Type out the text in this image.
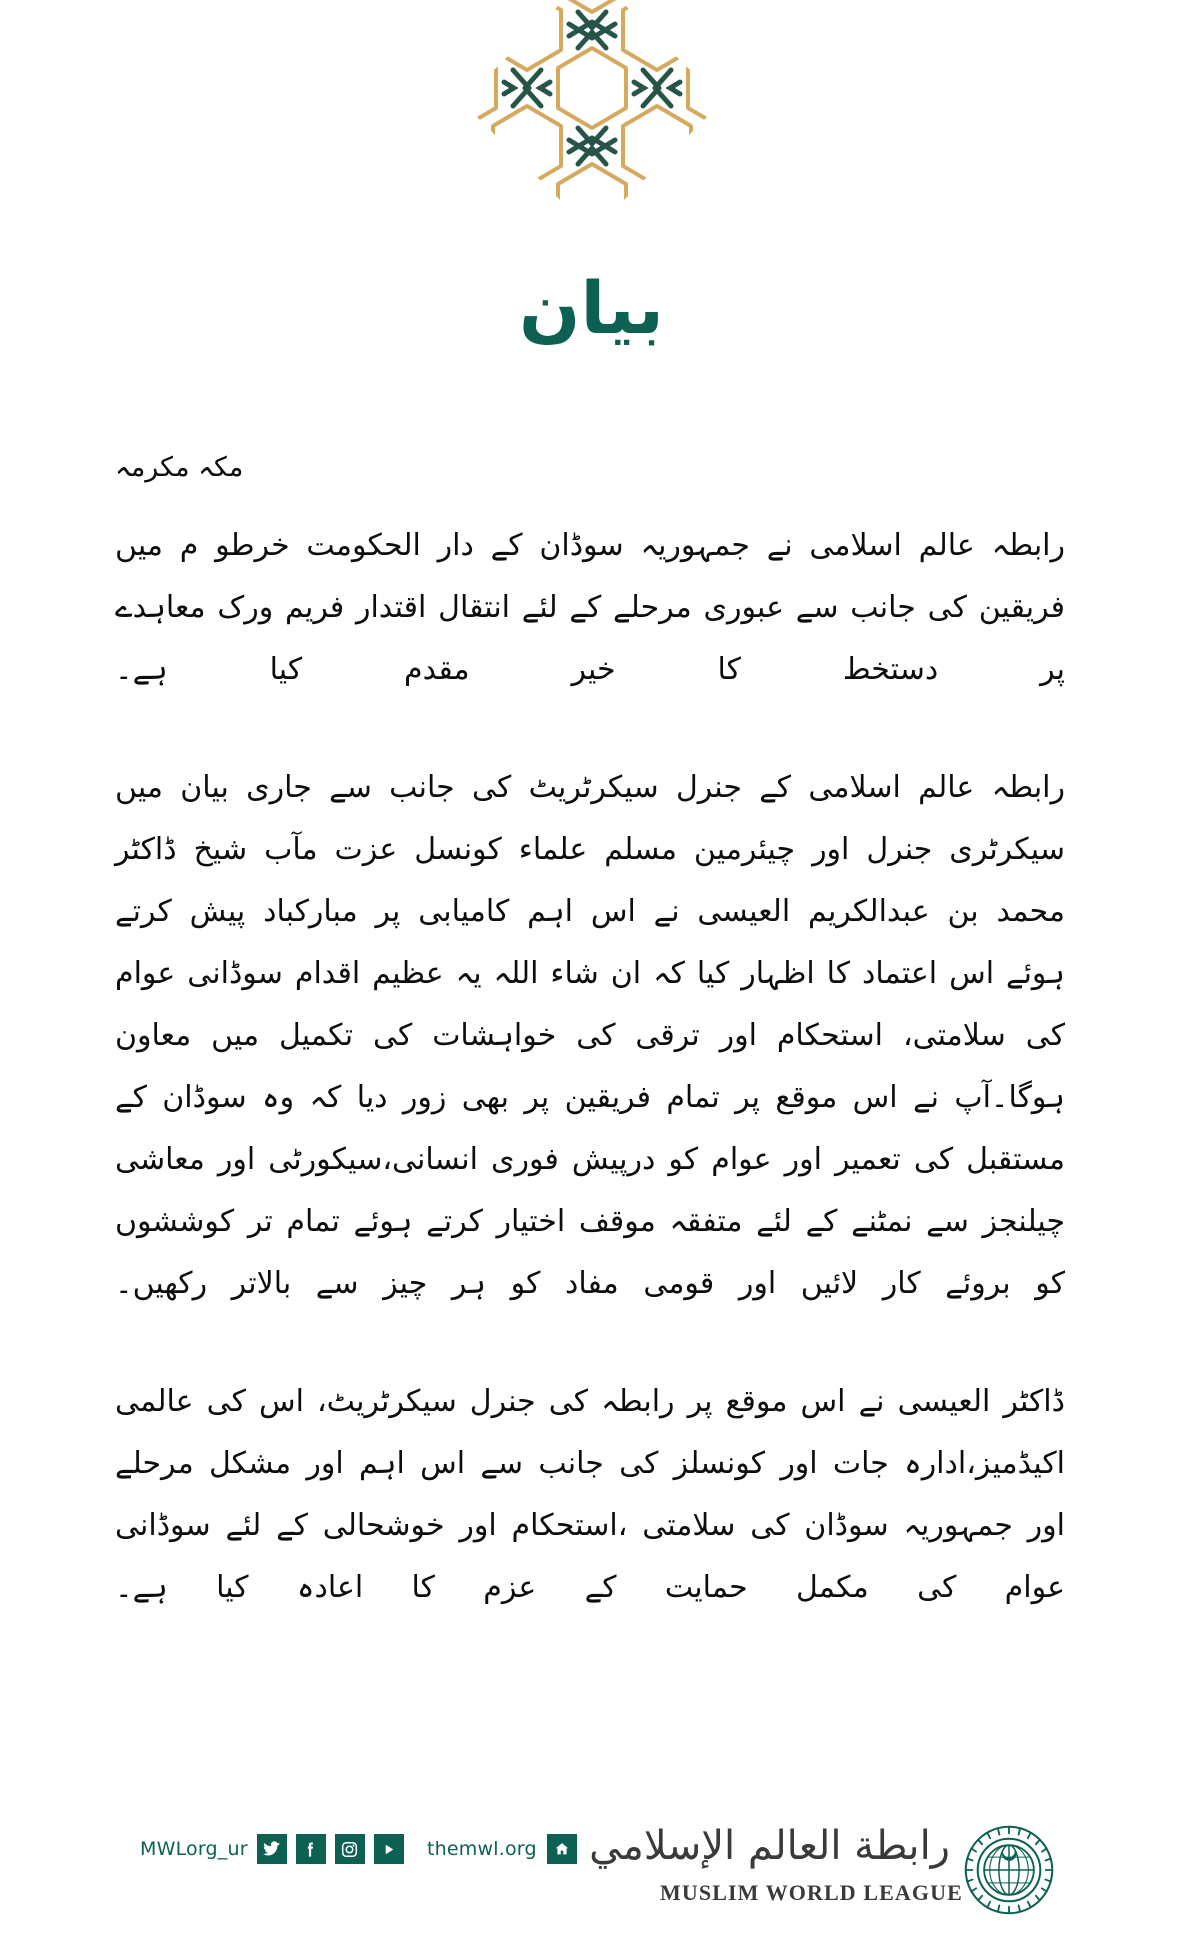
بيان

مکہ مکرمہ

رابطہ عالم اسلامی نے جمہوریہ سوڈان کے دار الحکومت خرطو م میں فریقین کی جانب سے عبوری مرحلے کے لئے انتقال اقتدار فریم ورک معاہدے پر دستخط کا خیر مقدم کیا ہے۔

رابطہ عالم اسلامی کے جنرل سیکرٹریٹ کی جانب سے جاری بیان میں سیکرٹری جنرل اور چیئرمین مسلم علماء کونسل عزت مآب شیخ ڈاکٹر محمد بن عبدالکریم العیسی نے اس اہم کامیابی پر مبارکباد پیش کرتے ہوئے اس اعتماد کا اظہار کیا کہ ان شاء اللہ یہ عظیم اقدام سوڈانی عوام کی سلامتی، استحکام اور ترقی کی خواہشات کی تکمیل میں معاون ہوگا۔آپ نے اس موقع پر تمام فریقین پر بھی زور دیا کہ وہ سوڈان کے مستقبل کی تعمیر اور عوام کو درپیش فوری انسانی،سیکورٹی اور معاشی چیلنجز سے نمٹنے کے لئے متفقہ موقف اختیار کرتے ہوئے تمام تر کوششوں کو بروئے کار لائیں اور قومی مفاد کو ہر چیز سے بالاتر رکھیں۔

ڈاکٹر العیسی نے اس موقع پر رابطہ کی جنرل سیکرٹریٹ، اس کی عالمی اکیڈمیز،ادارہ جات اور کونسلز کی جانب سے اس اہم اور مشکل مرحلے اور جمہوریہ سوڈان کی سلامتی ،استحکام اور خوشحالی کے لئے سوڈانی عوام کی مکمل حمایت کے عزم کا اعادہ کیا ہے۔

MWLorg_ur	themwl.org رابطة العالم الإسلامي
MUSLIM WORLD LEAGUE
